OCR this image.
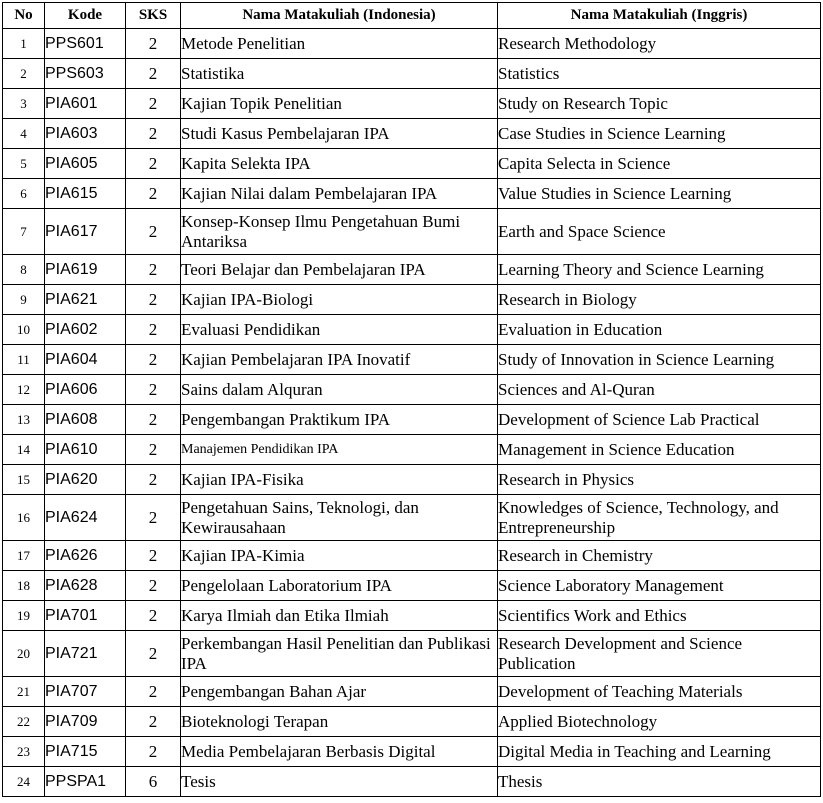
No	Kode	SKS	Nama Matakuliah (Indonesia)	Nama Matakuliah (Inggris)
1	PPS601	2	Metode Penelitian	Research Methodology
2	PPS603	2	Statistika	Statistics
3	PIA601	2	Kajian Topik Penelitian	Study on Research Topic
4	PIA603	2	Studi Kasus Pembelajaran IPA	Case Studies in Science Learning
5	PIA605	2	Kapita Selekta IPA	Capita Selecta in Science
6	PIA615	2	Kajian Nilai dalam Pembelajaran IPA	Value Studies in Science Learning
7	PIA617	2	Konsep-Konsep Ilmu Pengetahuan Bumi Antariksa	Earth and Space Science
8	PIA619	2	Teori Belajar dan Pembelajaran IPA	Learning Theory and Science Learning
9	PIA621	2	Kajian IPA-Biologi	Research in Biology
10	PIA602	2	Evaluasi Pendidikan	Evaluation in Education
11	PIA604	2	Kajian Pembelajaran IPA Inovatif	Study of Innovation in Science Learning
12	PIA606	2	Sains dalam Alquran	Sciences and Al-Quran
13	PIA608	2	Pengembangan Praktikum IPA	Development of Science Lab Practical
14	PIA610	2	Manajemen Pendidikan IPA	Management in Science Education
15	PIA620	2	Kajian IPA-Fisika	Research in Physics
16	PIA624	2	Pengetahuan Sains, Teknologi, dan Kewirausahaan	Knowledges of Science, Technology, and Entrepreneurship
17	PIA626	2	Kajian IPA-Kimia	Research in Chemistry
18	PIA628	2	Pengelolaan Laboratorium IPA	Science Laboratory Management
19	PIA701	2	Karya Ilmiah dan Etika Ilmiah	Scientifics Work and Ethics
20	PIA721	2	Perkembangan Hasil Penelitian dan Publikasi IPA	Research Development and Science Publication
21	PIA707	2	Pengembangan Bahan Ajar	Development of Teaching Materials
22	PIA709	2	Bioteknologi Terapan	Applied Biotechnology
23	PIA715	2	Media Pembelajaran Berbasis Digital	Digital Media in Teaching and Learning
24	PPSPA1	6	Tesis	Thesis
